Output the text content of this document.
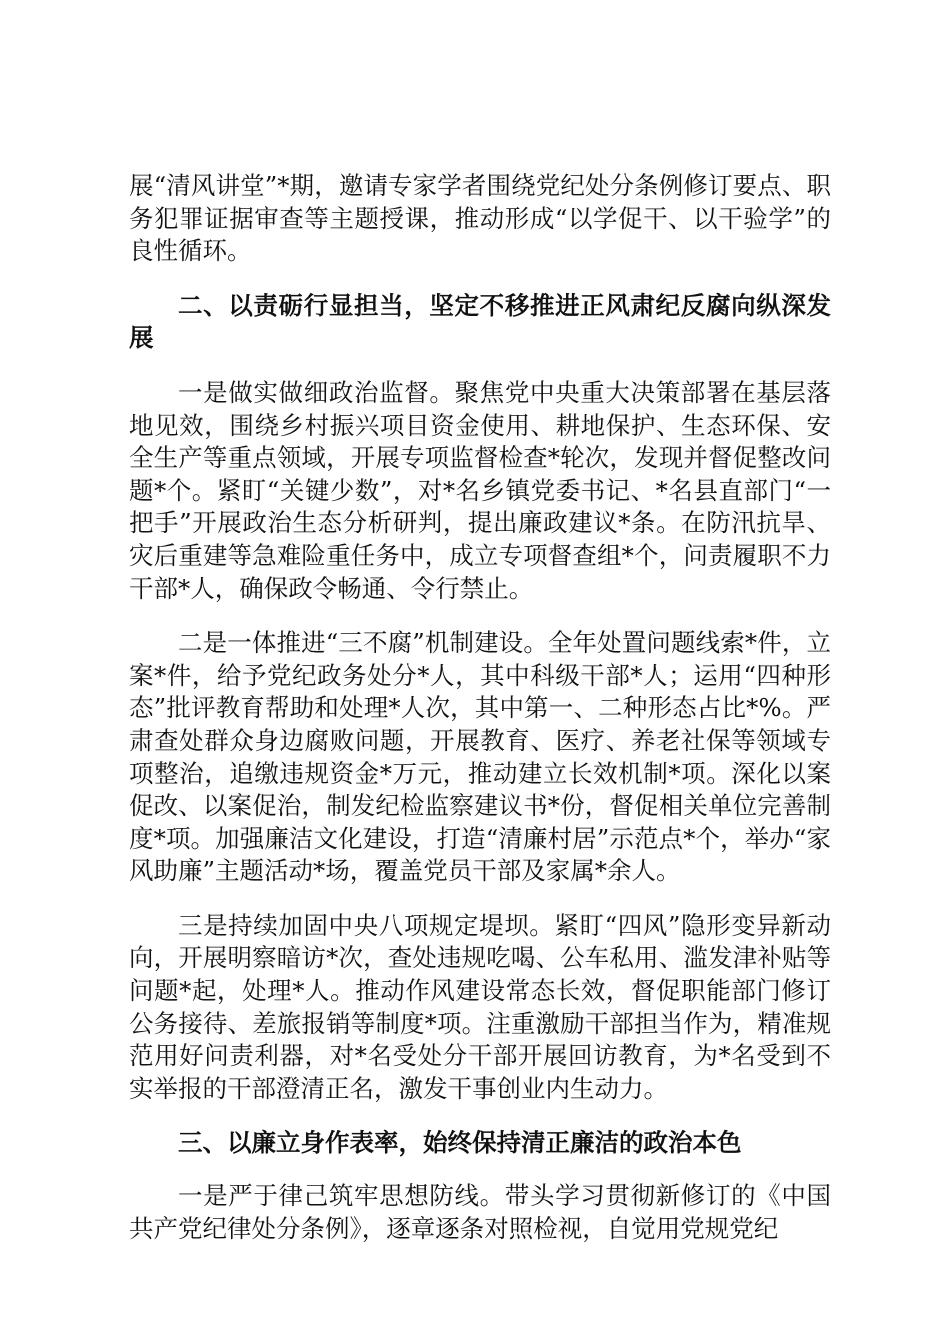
展“清风讲堂”*期，邀请专家学者围绕党纪处分条例修订要点、职务犯罪证据审查等主题授课，推动形成“以学促干、以干验学”的良性循环。

二、以责砺行显担当，坚定不移推进正风肃纪反腐向纵深发展

一是做实做细政治监督。聚焦党中央重大决策部署在基层落地见效，围绕乡村振兴项目资金使用、耕地保护、生态环保、安全生产等重点领域，开展专项监督检查*轮次，发现并督促整改问题*个。紧盯“关键少数”，对*名乡镇党委书记、*名县直部门“一把手”开展政治生态分析研判，提出廉政建议*条。在防汛抗旱、灾后重建等急难险重任务中，成立专项督查组*个，问责履职不力干部*人，确保政令畅通、令行禁止。

二是一体推进“三不腐”机制建设。全年处置问题线索*件，立案*件，给予党纪政务处分*人，其中科级干部*人；运用“四种形态”批评教育帮助和处理*人次，其中第一、二种形态占比*%。严肃查处群众身边腐败问题，开展教育、医疗、养老社保等领域专项整治，追缴违规资金*万元，推动建立长效机制*项。深化以案促改、以案促治，制发纪检监察建议书*份，督促相关单位完善制度*项。加强廉洁文化建设，打造“清廉村居”示范点*个，举办“家风助廉”主题活动*场，覆盖党员干部及家属*余人。

三是持续加固中央八项规定堤坝。紧盯“四风”隐形变异新动向，开展明察暗访*次，查处违规吃喝、公车私用、滥发津补贴等问题*起，处理*人。推动作风建设常态长效，督促职能部门修订公务接待、差旅报销等制度*项。注重激励干部担当作为，精准规范用好问责利器，对*名受处分干部开展回访教育，为*名受到不实举报的干部澄清正名，激发干事创业内生动力。

三、以廉立身作表率，始终保持清正廉洁的政治本色

一是严于律己筑牢思想防线。带头学习贯彻新修订的《中国共产党纪律处分条例》，逐章逐条对照检视，自觉用党规党纪
